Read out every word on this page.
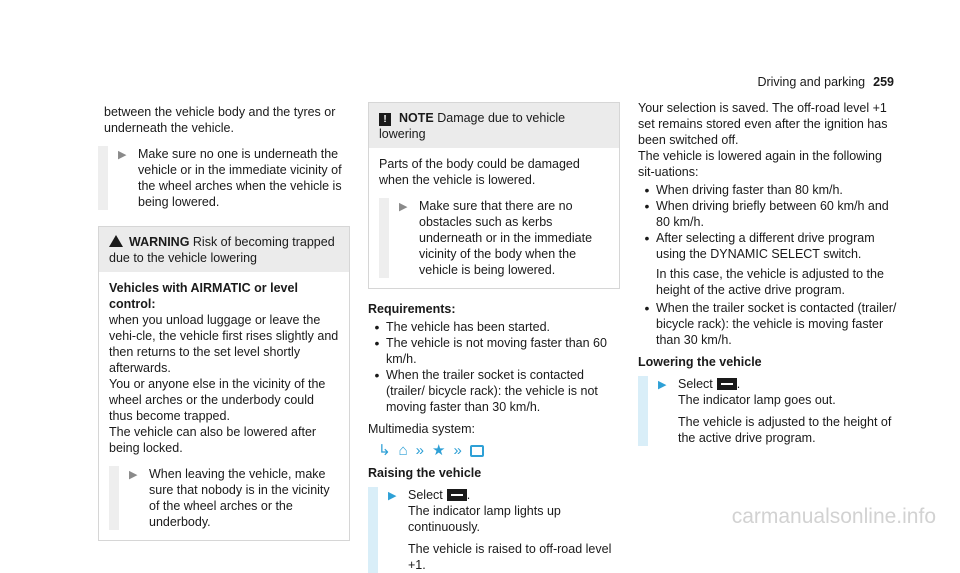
Driving and parking 259
between the vehicle body and the tyres or underneath the vehicle.
▶ Make sure no one is underneath the vehicle or in the immediate vicinity of the wheel arches when the vehicle is being lowered.
WARNING Risk of becoming trapped due to the vehicle lowering
Vehicles with AIRMATIC or level control:
when you unload luggage or leave the vehi-cle, the vehicle first rises slightly and then returns to the set level shortly afterwards.
You or anyone else in the vicinity of the wheel arches or the underbody could thus become trapped.
The vehicle can also be lowered after being locked.
▶ When leaving the vehicle, make sure that nobody is in the vicinity of the wheel arches or the underbody.
! NOTE Damage due to vehicle lowering
Parts of the body could be damaged when the vehicle is lowered.
▶ Make sure that there are no obstacles such as kerbs underneath or in the immediate vicinity of the body when the vehicle is being lowered.
Requirements:
• The vehicle has been started.
• The vehicle is not moving faster than 60 km/h.
• When the trailer socket is contacted (trailer/ bicycle rack): the vehicle is not moving faster than 30 km/h.
Multimedia system:
↳ ⌂ » ★ »
Raising the vehicle
▶ Select .
The indicator lamp lights up continuously.
The vehicle is raised to off-road level +1.
Your selection is saved. The off-road level +1 set remains stored even after the ignition has been switched off.
The vehicle is lowered again in the following sit-uations:
• When driving faster than 80 km/h.
• When driving briefly between 60 km/h and 80 km/h.
• After selecting a different drive program using the DYNAMIC SELECT switch.
In this case, the vehicle is adjusted to the height of the active drive program.
• When the trailer socket is contacted (trailer/ bicycle rack): the vehicle is moving faster than 30 km/h.
Lowering the vehicle
▶ Select .
The indicator lamp goes out.
The vehicle is adjusted to the height of the active drive program.
carmanualsonline.info
